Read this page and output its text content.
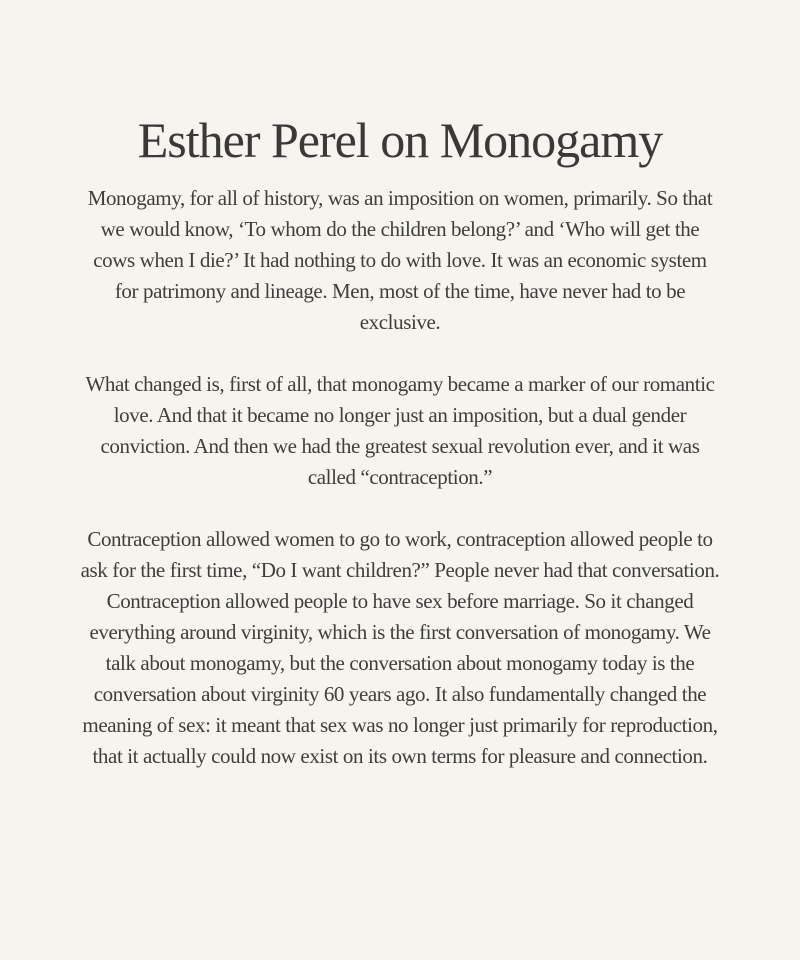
Esther Perel on Monogamy

Monogamy, for all of history, was an imposition on women, primarily. So that we would know, ‘To whom do the children belong?’ and ‘Who will get the cows when I die?’ It had nothing to do with love. It was an economic system for patrimony and lineage. Men, most of the time, have never had to be exclusive.

What changed is, first of all, that monogamy became a marker of our romantic love. And that it became no longer just an imposition, but a dual gender conviction. And then we had the greatest sexual revolution ever, and it was called “contraception.”

Contraception allowed women to go to work, contraception allowed people to ask for the first time, “Do I want children?” People never had that conversation. Contraception allowed people to have sex before marriage. So it changed everything around virginity, which is the first conversation of monogamy. We talk about monogamy, but the conversation about monogamy today is the conversation about virginity 60 years ago. It also fundamentally changed the meaning of sex: it meant that sex was no longer just primarily for reproduction, that it actually could now exist on its own terms for pleasure and connection.
